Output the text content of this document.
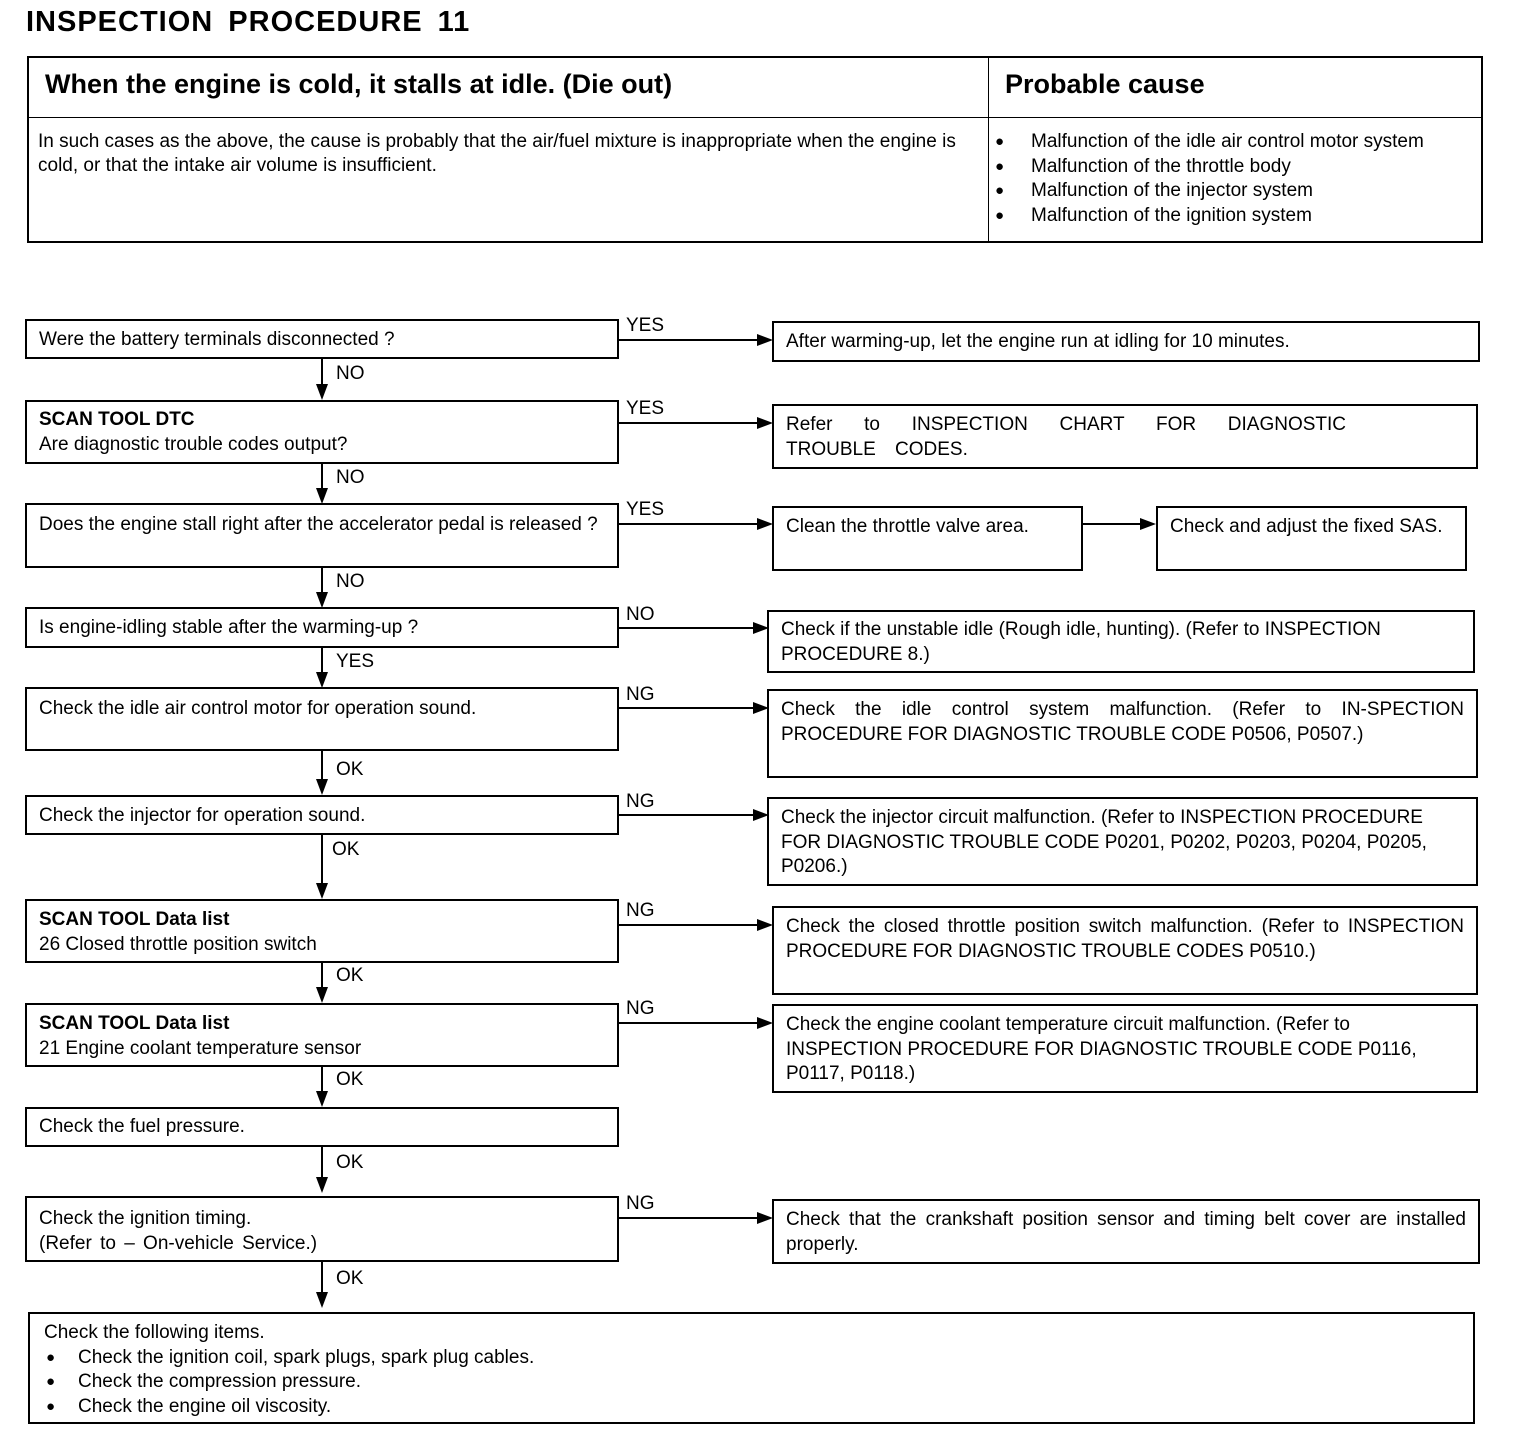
INSPECTION PROCEDURE 11
When the engine is cold, it stalls at idle. (Die out)
In such cases as the above, the cause is probably that the air/fuel mixture is inappropriate when the engine is cold, or that the intake air volume is insufficient.
Probable cause
● Malfunction of the idle air control motor system
● Malfunction of the throttle body
● Malfunction of the injector system
● Malfunction of the ignition system
Were the battery terminals disconnected ?
YES
After warming-up, let the engine run at idling for 10 minutes.
NO
SCAN TOOL DTC
Are diagnostic trouble codes output?
YES
Refer to INSPECTION CHART FOR DIAGNOSTIC TROUBLE CODES.
NO
Does the engine stall right after the accelerator pedal is released ?
YES
Clean the throttle valve area.	Check and adjust the fixed SAS.
NO
Is engine-idling stable after the warming-up ?
NO
Check if the unstable idle (Rough idle, hunting). (Refer to INSPECTION PROCEDURE 8.)
YES
Check the idle air control motor for operation sound.
NG
Check the idle control system malfunction. (Refer to IN-SPECTION PROCEDURE FOR DIAGNOSTIC TROUBLE CODE P0506, P0507.)
OK
Check the injector for operation sound.
NG
Check the injector circuit malfunction. (Refer to INSPECTION PROCEDURE FOR DIAGNOSTIC TROUBLE CODE P0201, P0202, P0203, P0204, P0205, P0206.)
OK
SCAN TOOL Data list
26 Closed throttle position switch
NG
Check the closed throttle position switch malfunction. (Refer to INSPECTION PROCEDURE FOR DIAGNOSTIC TROUBLE CODES P0510.)
OK
SCAN TOOL Data list
21 Engine coolant temperature sensor
NG
Check the engine coolant temperature circuit malfunction. (Refer to INSPECTION PROCEDURE FOR DIAGNOSTIC TROUBLE CODE P0116, P0117, P0118.)
OK
Check the fuel pressure.
OK
Check the ignition timing.
(Refer to – On-vehicle Service.)
NG
Check that the crankshaft position sensor and timing belt cover are installed properly.
OK
Check the following items.
● Check the ignition coil, spark plugs, spark plug cables.
● Check the compression pressure.
● Check the engine oil viscosity.
